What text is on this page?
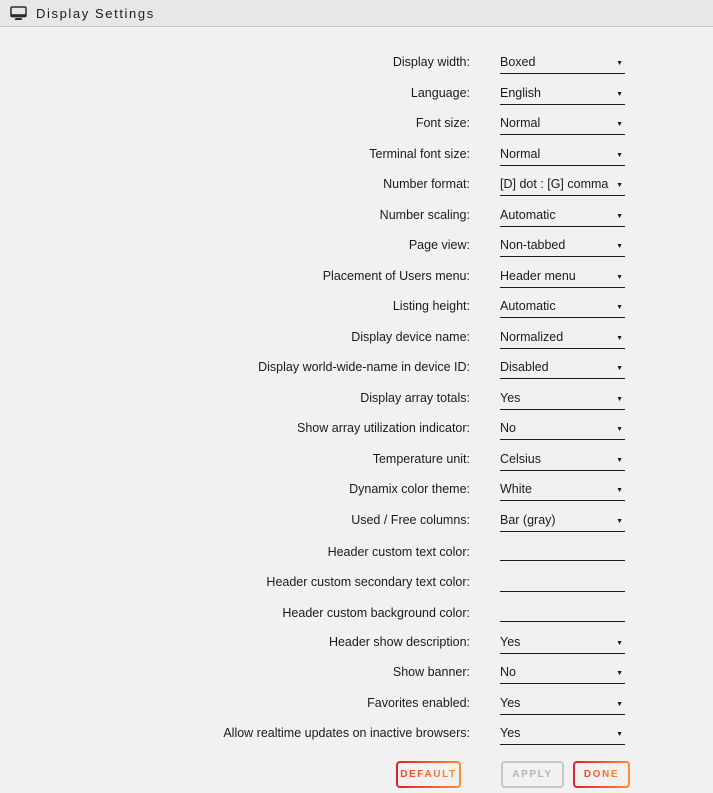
Display Settings
Display width: Boxed	▼
Language: English	▼
Font size: Normal	▼
Terminal font size: Normal	▼
Number format: [D] dot : [G] comma ▼
Number scaling: Automatic	▼
Page view: Non-tabbed	▼
Placement of Users menu: Header menu	▼
Listing height: Automatic	▼
Display device name: Normalized	▼
Display world-wide-name in device ID: Disabled	▼
Display array totals: Yes	▼
Show array utilization indicator: No	▼
Temperature unit: Celsius	▼
Dynamix color theme: White	▼
Used / Free columns: Bar (gray)	▼
Header custom text color:
Header custom secondary text color:
Header custom background color:
Header show description: Yes	▼
Show banner: No	▼
Favorites enabled: Yes	▼
Allow realtime updates on inactive browsers: Yes	▼
DEFAULT	APPLY	DONE
